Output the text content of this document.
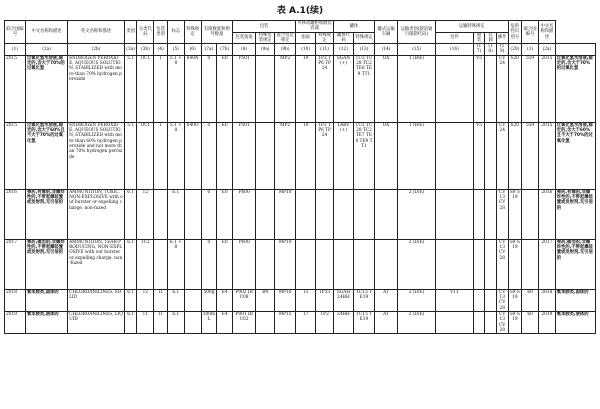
表 A.1(续)
联合国编号	中文名称和描述	英文名称和描述	类别	分类代码	包装类别	标志	特殊规定	有限数量和例外数量		包装			可移动罐柜和散装容器		罐体		罐式运输车辆	运输类别(隧道通行限制代码)	运输特殊规定				危险性识别号	联合国编号	中文名称和描述	
										包装指南	特殊包装规定	混合包装规定	指南	特殊规定	罐体代码	特殊规定			包件	散装	装卸	操作				
(1)	(2a)	(2b)	(3a)	(3b)	(4)	(5)	(6)	(7a)	(7b)	(8)	(9a)	(9b)	(10)	(11)	(12)	(13)	(14)	(15)	(16)	(17)	(18)	(19)	(20)	(1)	(2a)	
2015	过氧化氢水溶液,稳定的,含大于70%的过氧化氢	HYDROGEN PEROXIDE, AQUEOUS SOLUTION, STABILIZED with more than 70% hydrogen peroxide	5.1	OC1	I	5.1 +8	640N	0	E0	P501		MP2	T9	TP2 TP6 TP24	SGAN (+)	TU3 TU28 TC2 TE8 TE9 TT1	OX	1 (B/E)		V5		CV24	S20	559	2015	过氧化氢水溶液,稳定的,含大于70%的过氧化氢
2015	过氧化氢水溶液,稳定的,含大于60%且不大于70%的过氧化氢	HYDROGEN PEROXIDE, AQUEOUS SOLUTION, STABILIZED with more than 60% hydrogen peroxide and not more than 70% hydrogen peroxide	5.1	OC1	I	5.1 +8	640O	0	E0	P501		MP2	T9	TP2 TP6 TP24	L4BV (+)	TU3 TU28 TC2 TE7 TE8 TE9 TT1	OX	1 (B/E)		V5		CV24	S20	559	2015	过氧化氢水溶液,稳定的,含大于60%且不大于70%的过氧化氢
2016	弹药,有毒的,非爆炸性的,不带起爆装置或发射剂,无引信的	AMMUNITION, TOXIC, NON-EXPLOSIVE with out burster or expelling charge, non-fuzed	6.1	T2		6.1		0	E0	P600		MP10						2 (D/E)				CV13 CV28	S9 S19		2016	弹药,有毒的,非爆炸性的,不带起爆装置或发射剂,无引信的
2017	弹药,催泪的,非爆炸性的,不带起爆装置或发射剂,无引信的	AMMUNITION, TEAR-PRODUCING, NON-EXPLOSIVE with out burster or expelling charge, non-fuzed	6.1	TC2		6.1 +8		0	E0	P600		MP10						2 (D/E)				CV13 CV28	S9 S19		2017	弹药,催泪的,非爆炸性的,不带起爆装置或发射剂,无引信的
2018	氯苯胺类,固体的	CHLOROANILINES, SOLID	6.1	T2	II	6.1		500g	E4	P002 IBC08	B4	MP10	T3	TP33	SGAH L4BH	TU15 TE19	AT	2 (D/E)	V11			CV13 CV28	S9 S19	60	2018	氯苯胺类,固体的
2019	氯苯胺类,液体的	CHLOROANILINES, LIQUID	6.1	T1	II	6.1		100mL	E4	P001 IBC02		MP15	T7	TP2	L4BH	TU15 TE19	AT	2 (D/E)				CV13 CV28	S9 S19	60	2019	氯苯胺类,液体的
